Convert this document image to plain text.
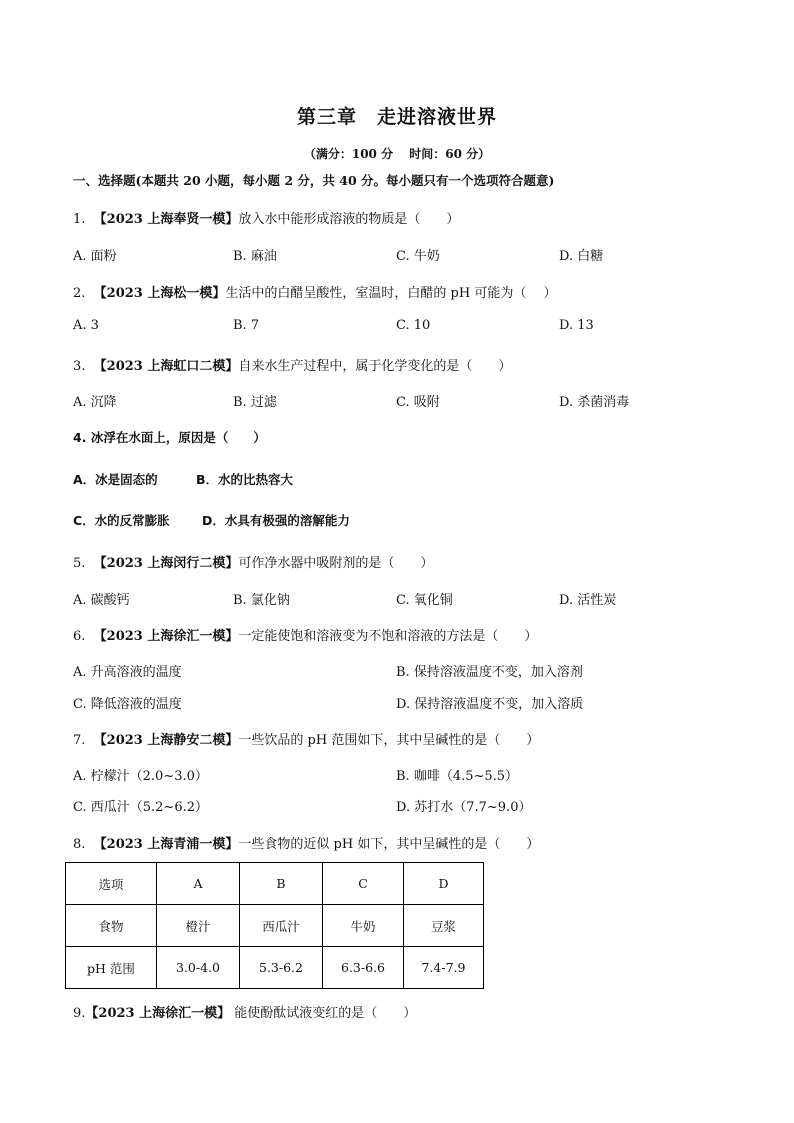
第三章　走进溶液世界
（满分：100 分　 时间：60 分）
一、选择题(本题共 20 小题，每小题 2 分，共 40 分。每小题只有一个选项符合题意)
1. 【2023 上海奉贤一模】放入水中能形成溶液的物质是（　　）
A. 面粉	B. 麻油	C. 牛奶	D. 白糖
2. 【2023 上海松一模】生活中的白醋呈酸性，室温时，白醋的 pH 可能为（　 ）
A. 3	B. 7	C. 10	D. 13
3. 【2023 上海虹口二模】自来水生产过程中，属于化学变化的是（　　）
A. 沉降	B. 过滤	C. 吸附	D. 杀菌消毒
4. 冰浮在水面上，原因是（　　）
A．冰是固态的	B．水的比热容大
C．水的反常膨胀	D．水具有极强的溶解能力
5. 【2023 上海闵行二模】可作净水器中吸附剂的是（　　）
A. 碳酸钙	B. 氯化钠	C. 氧化铜	D. 活性炭
6. 【2023 上海徐汇一模】一定能使饱和溶液变为不饱和溶液的方法是（　　）
A. 升高溶液的温度	B. 保持溶液温度不变，加入溶剂
C. 降低溶液的温度	D. 保持溶液温度不变，加入溶质
7. 【2023 上海静安二模】一些饮品的 pH 范围如下，其中呈碱性的是（　　）
A. 柠檬汁（2.0~3.0）	B. 咖啡（4.5~5.5）
C. 西瓜汁（5.2~6.2）	D. 苏打水（7.7~9.0）
8. 【2023 上海青浦一模】一些食物的近似 pH 如下，其中呈碱性的是（　　）
选项	A	B	C	D
食物	橙汁	西瓜汁	牛奶	豆浆
pH 范围	3.0-4.0	5.3-6.2	6.3-6.6	7.4-7.9
9.【2023 上海徐汇一模】 能使酚酞试液变红的是（　　）
